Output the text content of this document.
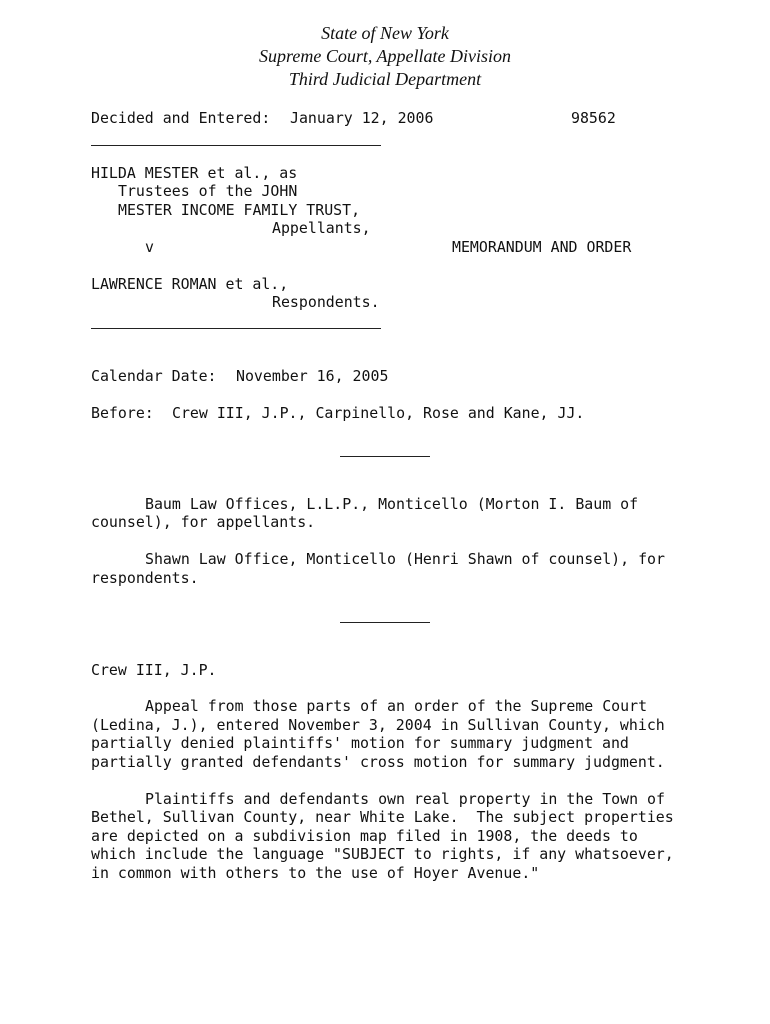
State of New York
Supreme Court, Appellate Division
Third Judicial Department
Decided and Entered: January 12, 2006	98562
HILDA MESTER et al., as
Trustees of the JOHN
MESTER INCOME FAMILY TRUST,
Appellants,
v	MEMORANDUM AND ORDER
LAWRENCE ROMAN et al.,
Respondents.
Calendar Date: November 16, 2005
Before: Crew III, J.P., Carpinello, Rose and Kane, JJ.
Baum Law Offices, L.L.P., Monticello (Morton I. Baum of
counsel), for appellants.
Shawn Law Office, Monticello (Henri Shawn of counsel), for
respondents.
Crew III, J.P.
Appeal from those parts of an order of the Supreme Court
(Ledina, J.), entered November 3, 2004 in Sullivan County, which
partially denied plaintiffs' motion for summary judgment and
partially granted defendants' cross motion for summary judgment.
Plaintiffs and defendants own real property in the Town of
Bethel, Sullivan County, near White Lake.  The subject properties
are depicted on a subdivision map filed in 1908, the deeds to
which include the language "SUBJECT to rights, if any whatsoever,
in common with others to the use of Hoyer Avenue."
